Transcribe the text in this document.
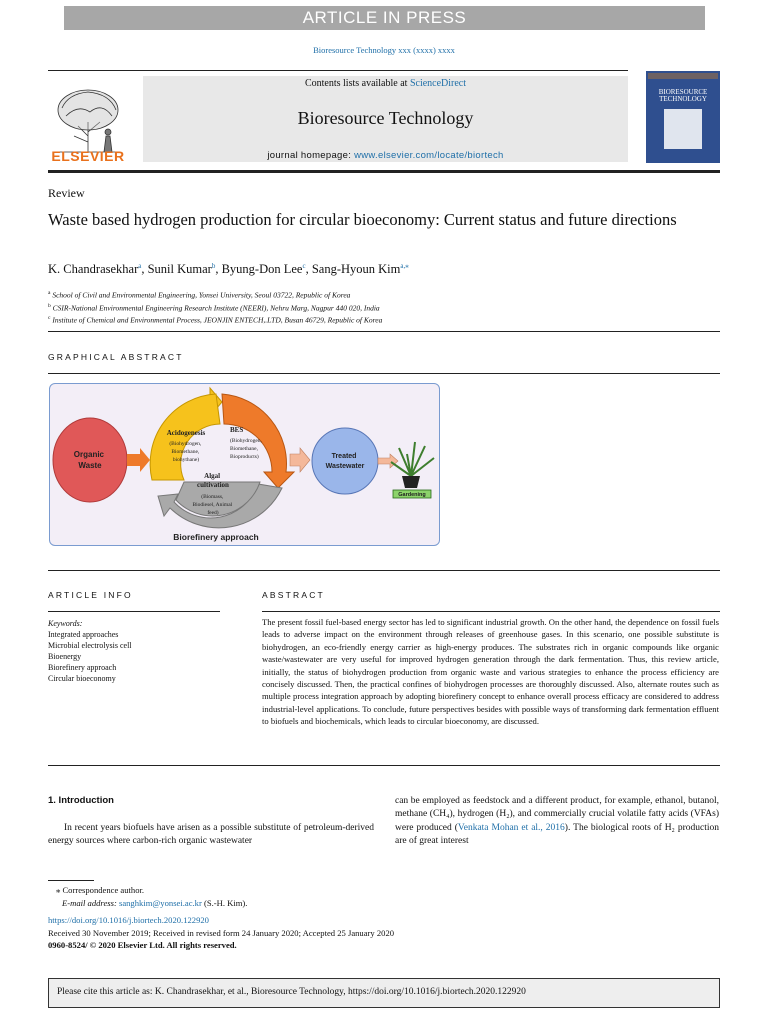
ARTICLE IN PRESS
Bioresource Technology xxx (xxxx) xxxx
ELSEVIER
Contents lists available at ScienceDirect
Bioresource Technology
journal homepage: www.elsevier.com/locate/biortech
BIORESOURCE TECHNOLOGY
Review
Waste based hydrogen production for circular bioeconomy: Current status and future directions
K. Chandrasekhar$^a$, Sunil Kumar$^b$, Byung-Don Lee$^c$, Sang-Hyoun Kim$^{a,⁎}$
$^a$ School of Civil and Environmental Engineering, Yonsei University, Seoul 03722, Republic of Korea
$^b$ CSIR-National Environmental Engineering Research Institute (NEERI), Nehru Marg, Nagpur 440 020, India
$^c$ Institute of Chemical and Environmental Process, JEONJIN ENTECH,.LTD, Busan 46729, Republic of Korea
GRAPHICAL ABSTRACT
Organic Waste
Acidogenesis
(Biohydrogen, Biomethane, biohythane)
BES
(Biohydrogen, Biomethane, Bioproducts)
Algal cultivation
(Biomass, Biodiesel, Animal feed)
Treated Wastewater
Gardening
Biorefinery approach
ARTICLE INFO
Keywords:
Integrated approaches
Microbial electrolysis cell
Bioenergy
Biorefinery approach
Circular bioeconomy
ABSTRACT
The present fossil fuel-based energy sector has led to significant industrial growth. On the other hand, the dependence on fossil fuels leads to adverse impact on the environment through releases of greenhouse gases. In this scenario, one possible substitute is biohydrogen, an eco-friendly energy carrier as high-energy produces. The substrates rich in organic compounds like organic waste/wastewater are very useful for improved hydrogen generation through the dark fermentation. Thus, this review article, initially, the status of biohydrogen production from organic waste and various strategies to enhance the process efficiency are concisely discussed. Then, the practical confines of biohydrogen processes are thoroughly discussed. Also, alternate routes such as multiple process integration approach by adopting biorefinery concept to enhance overall process efficacy are considered to address industrial-level applications. To conclude, future perspectives besides with possible ways of transforming dark fermentation effluent to biofuels and biochemicals, which leads to circular bioeconomy, are discussed.
1. Introduction
In recent years biofuels have arisen as a possible substitute of petroleum-derived energy sources where carbon-rich organic wastewater
can be employed as feedstock and a different product, for example, ethanol, butanol, methane (CH₄), hydrogen (H₂), and commercially crucial volatile fatty acids (VFAs) were produced (Venkata Mohan et al., 2016). The biological roots of H₂ production are of great interest
⁎ Correspondence author.
E-mail address: sanghkim@yonsei.ac.kr (S.-H. Kim).
https://doi.org/10.1016/j.biortech.2020.122920
Received 30 November 2019; Received in revised form 24 January 2020; Accepted 25 January 2020
0960-8524/ © 2020 Elsevier Ltd. All rights reserved.
Please cite this article as: K. Chandrasekhar, et al., Bioresource Technology, https://doi.org/10.1016/j.biortech.2020.122920
